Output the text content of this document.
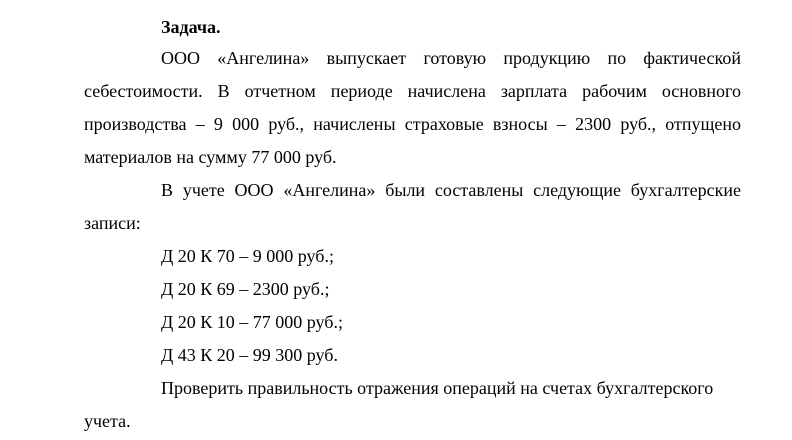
Задача.
ООО «Ангелина» выпускает готовую продукцию по фактической
себестоимости. В отчетном периоде начислена зарплата рабочим основного
производства – 9 000 руб., начислены страховые взносы – 2300 руб., отпущено
материалов на сумму 77 000 руб.
В учете ООО «Ангелина» были составлены следующие бухгалтерские
записи:
Д 20 К 70 – 9 000 руб.;
Д 20 К 69 – 2300 руб.;
Д 20 К 10 – 77 000 руб.;
Д 43 К 20 – 99 300 руб.
Проверить правильность отражения операций на счетах бухгалтерского
учета.
